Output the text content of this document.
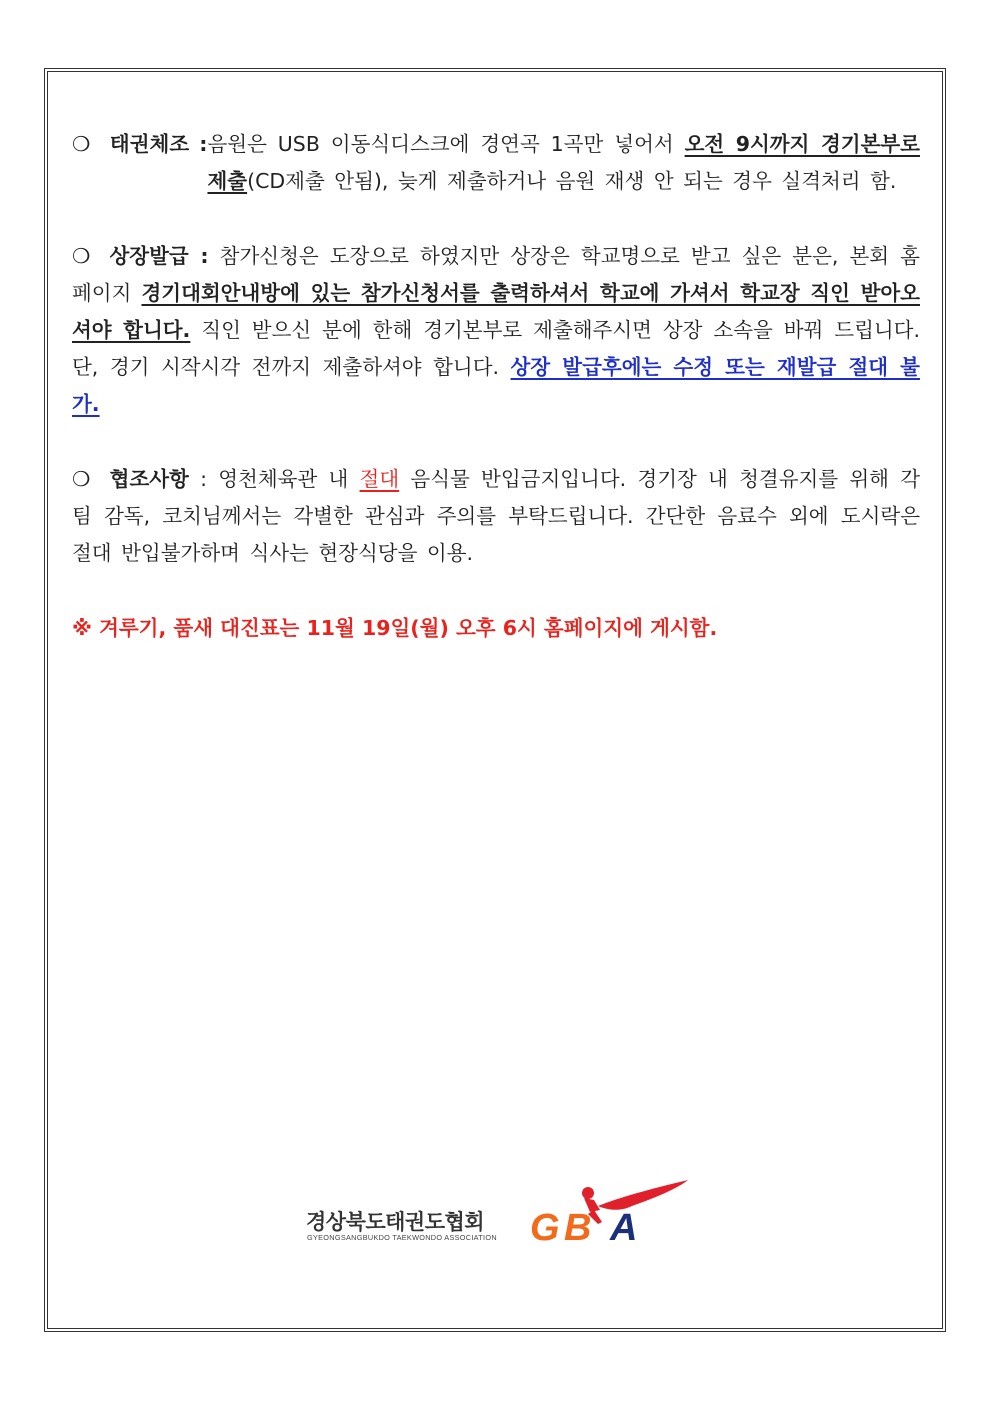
❍ 태권체조 : 음원은 USB 이동식디스크에 경연곡 1곡만 넣어서 오전 9시까지 경기본부로 제출(CD제출 안됨), 늦게 제출하거나 음원 재생 안 되는 경우 실격처리 함.

❍ 상장발급 : 참가신청은 도장으로 하였지만 상장은 학교명으로 받고 싶은 분은, 본회 홈페이지 경기대회안내방에 있는 참가신청서를 출력하셔서 학교에 가셔서 학교장 직인 받아오셔야 합니다. 직인 받으신 분에 한해 경기본부로 제출해주시면 상장 소속을 바꿔 드립니다. 단, 경기 시작시각 전까지 제출하셔야 합니다. 상장 발급후에는 수정 또는 재발급 절대 불가.

❍ 협조사항 : 영천체육관 내 절대 음식물 반입금지입니다. 경기장 내 청결유지를 위해 각 팀 감독, 코치님께서는 각별한 관심과 주의를 부탁드립니다. 간단한 음료수 외에 도시락은 절대 반입불가하며 식사는 현장식당을 이용.

※ 겨루기, 품새 대진표는 11월 19일(월) 오후 6시 홈페이지에 게시함.

경상북도태권도협회
GYEONGSANGBUKDO TAEKWONDO ASSOCIATION G B A
